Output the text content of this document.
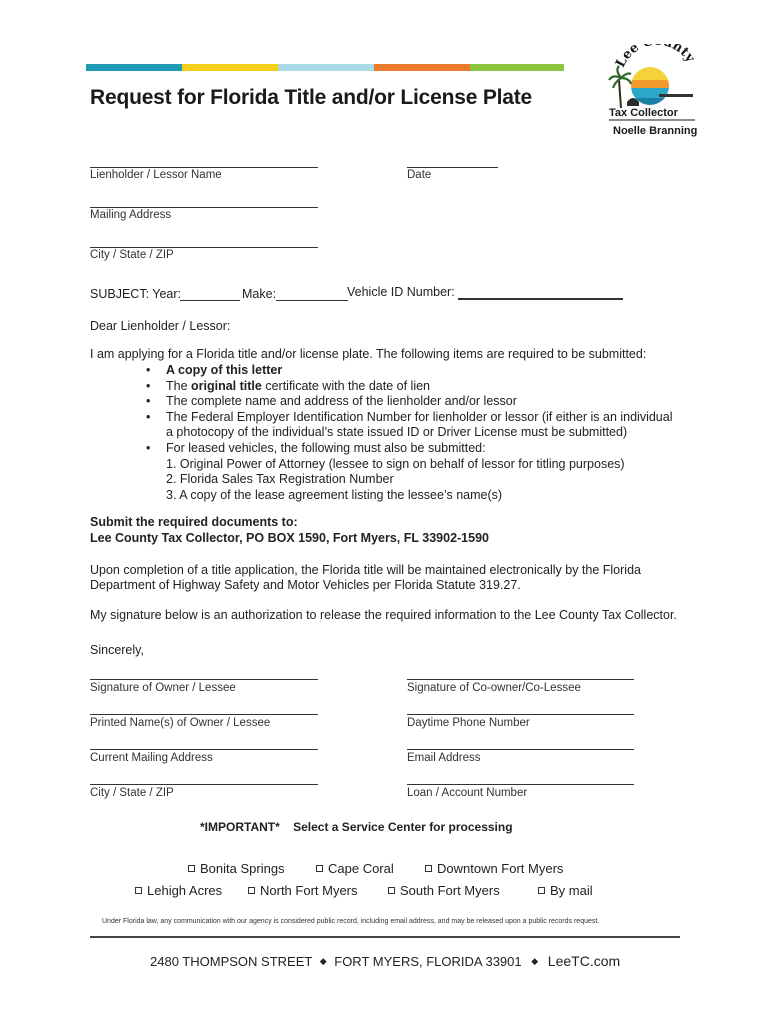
Request for Florida Title and/or License Plate
Lee nty
Tax Collector
Noelle Branning
Lienholder / Lessor Name	Date
Mailing Address
City / State / ZIP
SUBJECT: Year:	Make:	Vehicle ID Number:
Dear Lienholder / Lessor:
I am applying for a Florida title and/or license plate. The following items are required to be submitted:
• A copy of this letter
• The original title certificate with the date of lien
• The complete name and address of the lienholder and/or lessor
• The Federal Employer Identification Number for lienholder or lessor (if either is an individual
a photocopy of the individual’s state issued ID or Driver License must be submitted)
• For leased vehicles, the following must also be submitted:
1. Original Power of Attorney (lessee to sign on behalf of lessor for titling purposes)
2. Florida Sales Tax Registration Number
3. A copy of the lease agreement listing the lessee’s name(s)
Submit the required documents to:
Lee County Tax Collector, PO BOX 1590, Fort Myers, FL 33902-1590
Upon completion of a title application, the Florida title will be maintained electronically by the Florida
Department of Highway Safety and Motor Vehicles per Florida Statute 319.27.
My signature below is an authorization to release the required information to the Lee County Tax Collector.
Sincerely,
Signature of Owner / Lessee	Signature of Co-owner/Co-Lessee
Printed Name(s) of Owner / Lessee	Daytime Phone Number
Current Mailing Address	Email Address
City / State / ZIP	Loan / Account Number
*IMPORTANT*    Select a Service Center for processing
Bonita Springs	Cape Coral	Downtown Fort Myers
Lehigh Acres	North Fort Myers	South Fort Myers	By mail
Under Florida law, any communication with our agency is considered public record, including email address, and may be released upon a public records request.
2480 THOMPSON STREET ◆ FORT MYERS, FLORIDA 33901 ◆ LeeTC.com
